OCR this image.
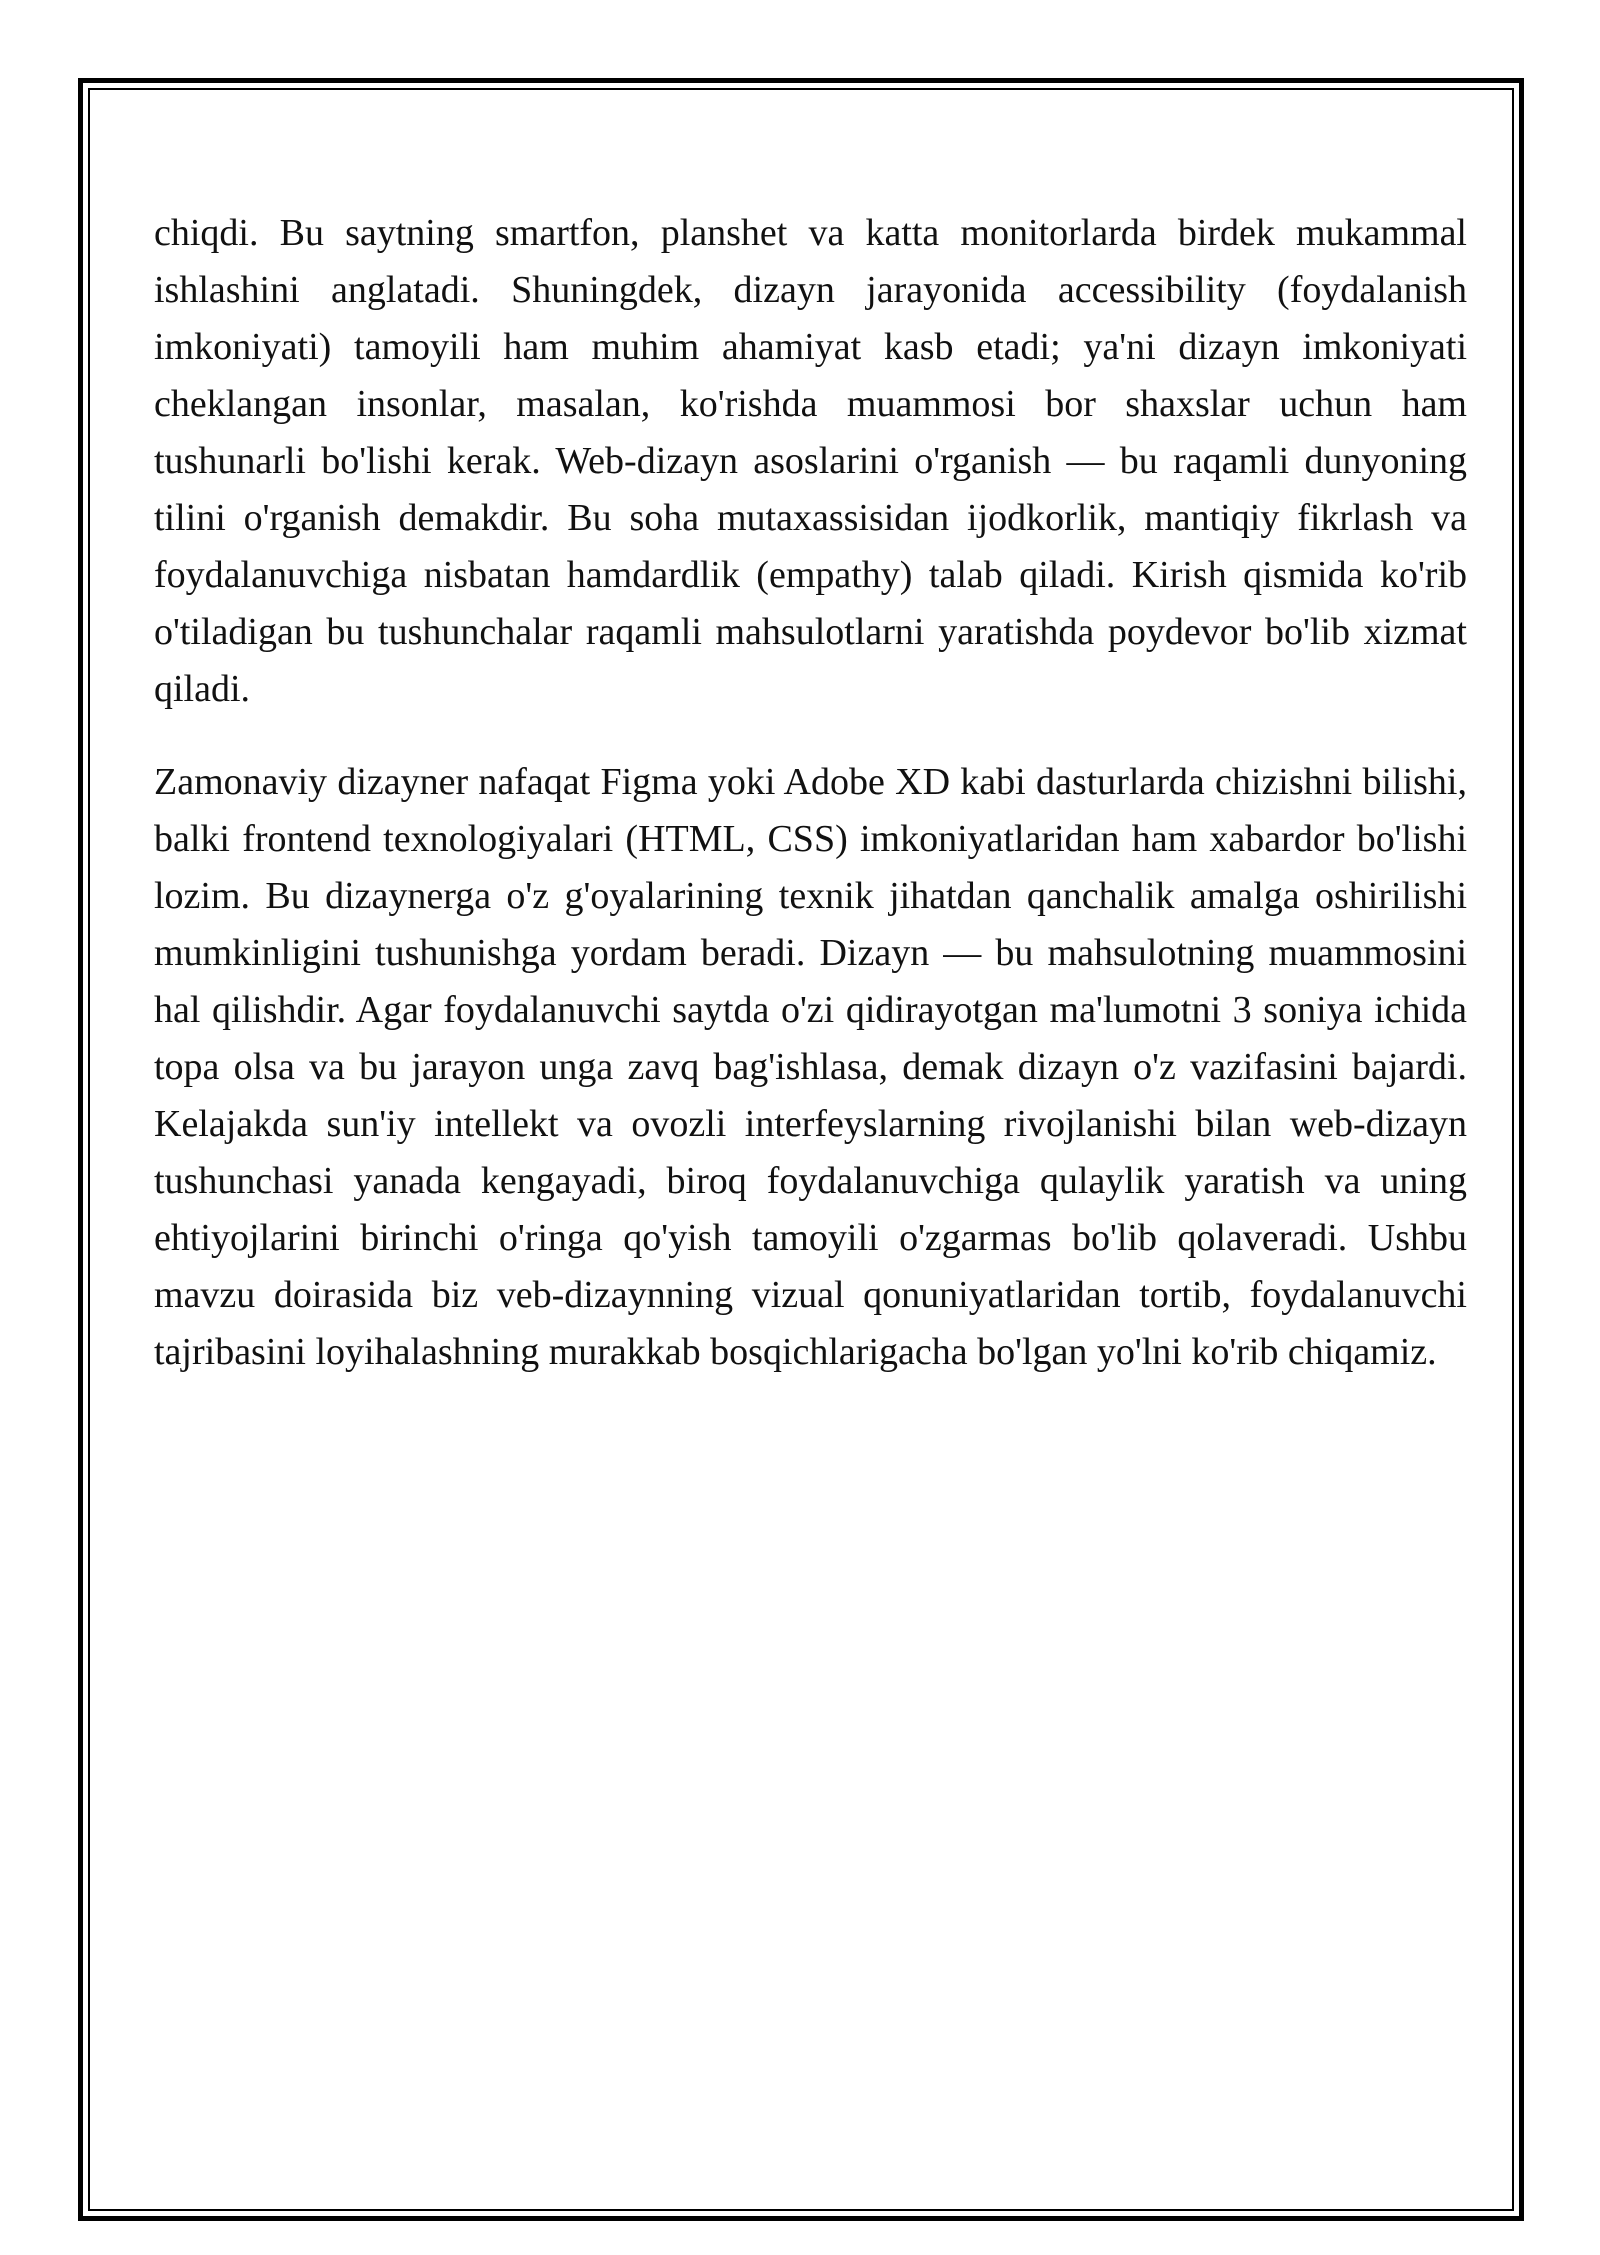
chiqdi. Bu saytning smartfon, planshet va katta monitorlarda birdek mukammal ishlashini anglatadi. Shuningdek, dizayn jarayonida accessibility (foydalanish imkoniyati) tamoyili ham muhim ahamiyat kasb etadi; ya'ni dizayn imkoniyati cheklangan insonlar, masalan, ko'rishda muammosi bor shaxslar uchun ham tushunarli bo'lishi kerak. Web-dizayn asoslarini o'rganish — bu raqamli dunyoning tilini o'rganish demakdir. Bu soha mutaxassisidan ijodkorlik, mantiqiy fikrlash va foydalanuvchiga nisbatan hamdardlik (empathy) talab qiladi. Kirish qismida ko'rib o'tiladigan bu tushunchalar raqamli mahsulotlarni yaratishda poydevor bo'lib xizmat qiladi.

Zamonaviy dizayner nafaqat Figma yoki Adobe XD kabi dasturlarda chizishni bilishi, balki frontend texnologiyalari (HTML, CSS) imkoniyatlaridan ham xabardor bo'lishi lozim. Bu dizaynerga o'z g'oyalarining texnik jihatdan qanchalik amalga oshirilishi mumkinligini tushunishga yordam beradi. Dizayn — bu mahsulotning muammosini hal qilishdir. Agar foydalanuvchi saytda o'zi qidirayotgan ma'lumotni 3 soniya ichida topa olsa va bu jarayon unga zavq bag'ishlasa, demak dizayn o'z vazifasini bajardi. Kelajakda sun'iy intellekt va ovozli interfeyslarning rivojlanishi bilan web-dizayn tushunchasi yanada kengayadi, biroq foydalanuvchiga qulaylik yaratish va uning ehtiyojlarini birinchi o'ringa qo'yish tamoyili o'zgarmas bo'lib qolaveradi. Ushbu mavzu doirasida biz veb-dizaynning vizual qonuniyatlaridan tortib, foydalanuvchi tajribasini loyihalashning murakkab bosqichlarigacha bo'lgan yo'lni ko'rib chiqamiz.
